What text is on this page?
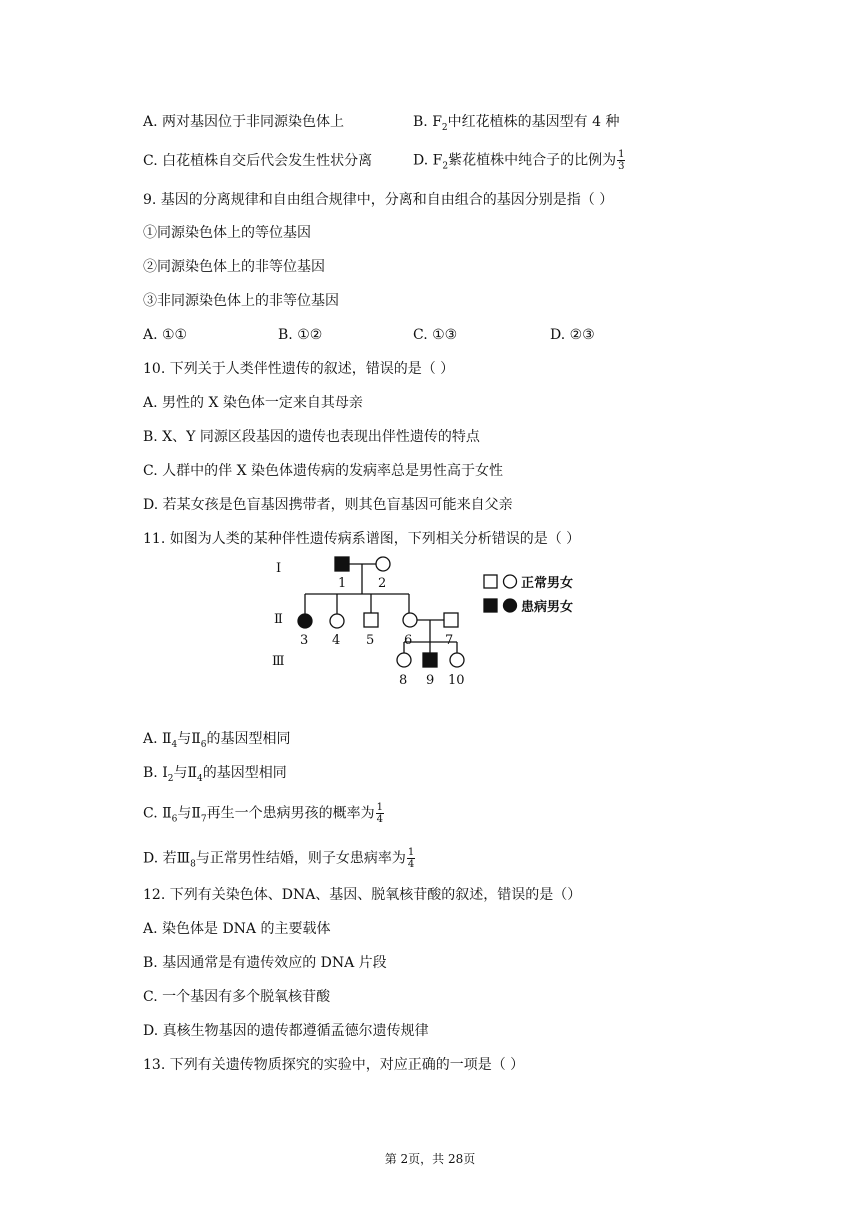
A. 两对基因位于非同源染色体上	B. $F_2$中红花植株的基因型有 4 种
C. 白花植株自交后代会发生性状分离	D. $F_2$紫花植株中纯合子的比例为 $\frac{1}{3}$
9. 基因的分离规律和自由组合规律中，分离和自由组合的基因分别是指（ ）
①同源染色体上的等位基因
②同源染色体上的非等位基因
③非同源染色体上的非等位基因
A. ①①	B. ①②	C. ①③	D. ②③
10. 下列关于人类伴性遗传的叙述，错误的是（ ）
A. 男性的 X 染色体一定来自其母亲
B. X、Y 同源区段基因的遗传也表现出伴性遗传的特点
C. 人群中的伴 X 染色体遗传病的发病率总是男性高于女性
D. 若某女孩是色盲基因携带者，则其色盲基因可能来自父亲
11. 如图为人类的某种伴性遗传病系谱图，下列相关分析错误的是（ ）
Ⅰ
Ⅱ
Ⅲ
1 2
3 4 5 6	7
8 9 10
正常男女
患病男女
A. $Ⅱ_4$与$Ⅱ_6$的基因型相同
B. $Ⅰ_2$与$Ⅱ_4$的基因型相同
C. $Ⅱ_6$与$Ⅱ_7$再生一个患病男孩的概率为 $\frac{1}{4}$
D. 若$Ⅲ_8$与正常男性结婚，则子女患病率为 $\frac{1}{4}$
12. 下列有关染色体、DNA、基因、脱氧核苷酸的叙述，错误的是（）
A. 染色体是 DNA 的主要载体
B. 基因通常是有遗传效应的 DNA 片段
C. 一个基因有多个脱氧核苷酸
D. 真核生物基因的遗传都遵循孟德尔遗传规律
13. 下列有关遗传物质探究的实验中，对应正确的一项是（ ）
第 2页，共 28页
